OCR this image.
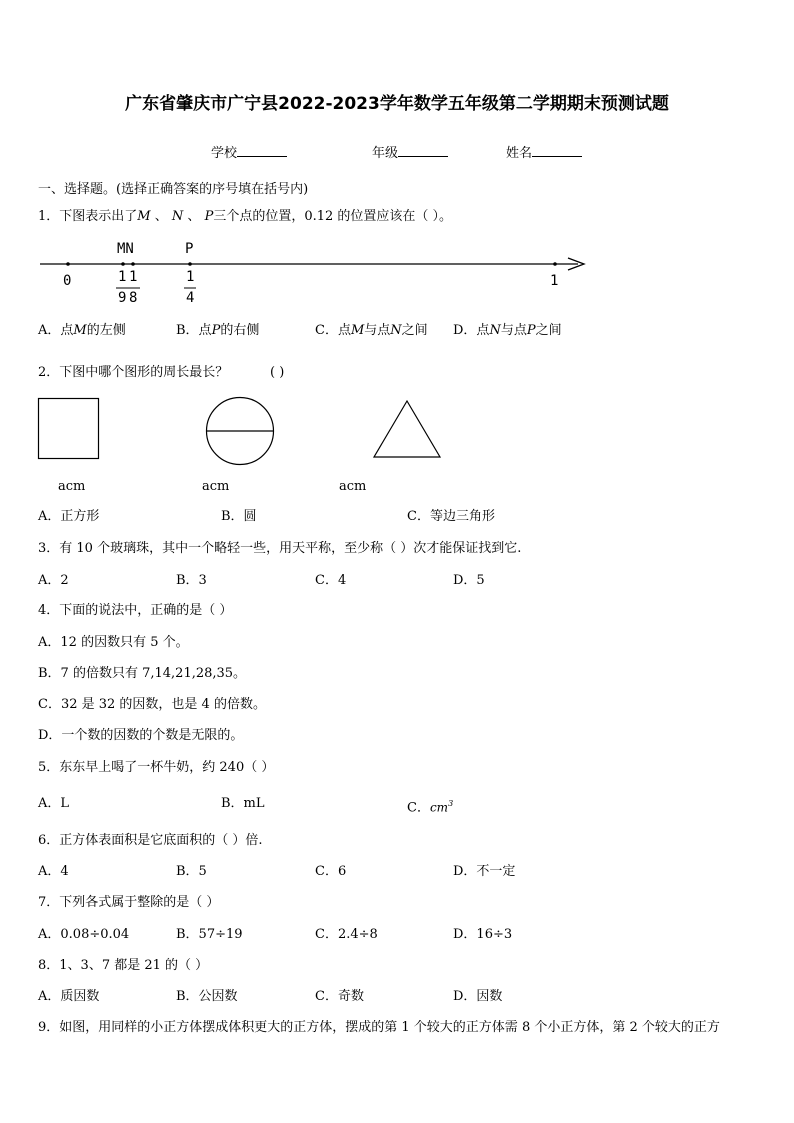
广东省肇庆市广宁县2022-2023学年数学五年级第二学期期末预测试题
学校	年级	姓名
一、选择题。(选择正确答案的序号填在括号内)
1．下图表示出了M 、 N 、 P三个点的位置，0.12 的位置应该在（ ）。
MN	P
0	1
1
9
1
8
1
4
A．点M的左侧	B．点P的右侧	C．点M与点N之间 D．点N与点P之间
2．下图中哪个图形的周长最长？	( )
acm	acm	acm
A．正方形	B．圆	C．等边三角形
3．有 10 个玻璃珠，其中一个略轻一些，用天平称，至少称（ ）次才能保证找到它.
A．2	B．3	C．4	D．5
4．下面的说法中，正确的是（ ）
A．12 的因数只有 5 个。
B．7 的倍数只有 7,14,21,28,35。
C．32 是 32 的因数，也是 4 的倍数。
D．一个数的因数的个数是无限的。
5．东东早上喝了一杯牛奶，约 240（ ）
A．L	B．mL	C．$cm^3$
6．正方体表面积是它底面积的（ ）倍.
A．4	B．5	C．6	D．不一定
7．下列各式属于整除的是（ ）
A．0.08÷0.04	B．57÷19	C．2.4÷8	D．16÷3
8．1、3、7 都是 21 的（ ）
A．质因数	B．公因数	C．奇数	D．因数
9．如图，用同样的小正方体摆成体积更大的正方体，摆成的第 1 个较大的正方体需 8 个小正方体，第 2 个较大的正方
